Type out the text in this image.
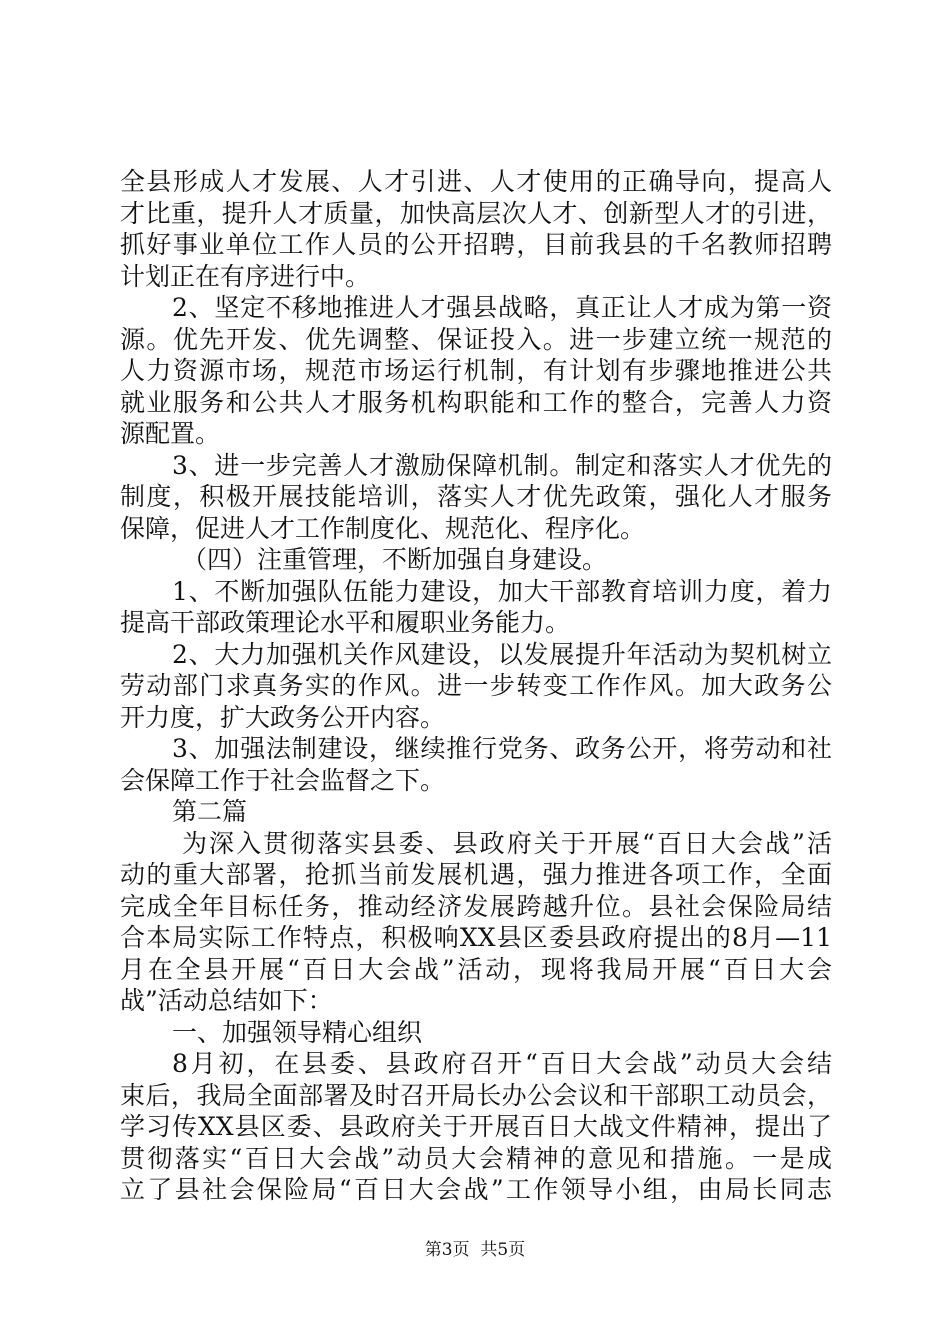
全县形成人才发展、人才引进、人才使用的正确导向，提高人
才比重，提升人才质量，加快高层次人才、创新型人才的引进，
抓好事业单位工作人员的公开招聘，目前我县的千名教师招聘
计划正在有序进行中。
2、坚定不移地推进人才强县战略，真正让人才成为第一资
源。优先开发、优先调整、保证投入。进一步建立统一规范的
人力资源市场，规范市场运行机制，有计划有步骤地推进公共
就业服务和公共人才服务机构职能和工作的整合，完善人力资
源配置。
3、进一步完善人才激励保障机制。制定和落实人才优先的
制度，积极开展技能培训，落实人才优先政策，强化人才服务
保障，促进人才工作制度化、规范化、程序化。
（四）注重管理，不断加强自身建设。
1、不断加强队伍能力建设，加大干部教育培训力度，着力
提高干部政策理论水平和履职业务能力。
2、大力加强机关作风建设，以发展提升年活动为契机树立
劳动部门求真务实的作风。进一步转变工作作风。加大政务公
开力度，扩大政务公开内容。
3、加强法制建设，继续推行党务、政务公开，将劳动和社
会保障工作于社会监督之下。
第二篇
为深入贯彻落实县委、县政府关于开展“百日大会战”活
动的重大部署，抢抓当前发展机遇，强力推进各项工作，全面
完成全年目标任务，推动经济发展跨越升位。县社会保险局结
合本局实际工作特点，积极响XX县区委县政府提出的8月—11
月在全县开展“百日大会战”活动，现将我局开展“百日大会
战”活动总结如下：
一、加强领导精心组织
8月初，在县委、县政府召开“百日大会战”动员大会结
束后，我局全面部署及时召开局长办公会议和干部职工动员会，
学习传XX县区委、县政府关于开展百日大战文件精神，提出了
贯彻落实“百日大会战”动员大会精神的意见和措施。一是成
立了县社会保险局“百日大会战”工作领导小组，由局长同志
第3页  共5页
